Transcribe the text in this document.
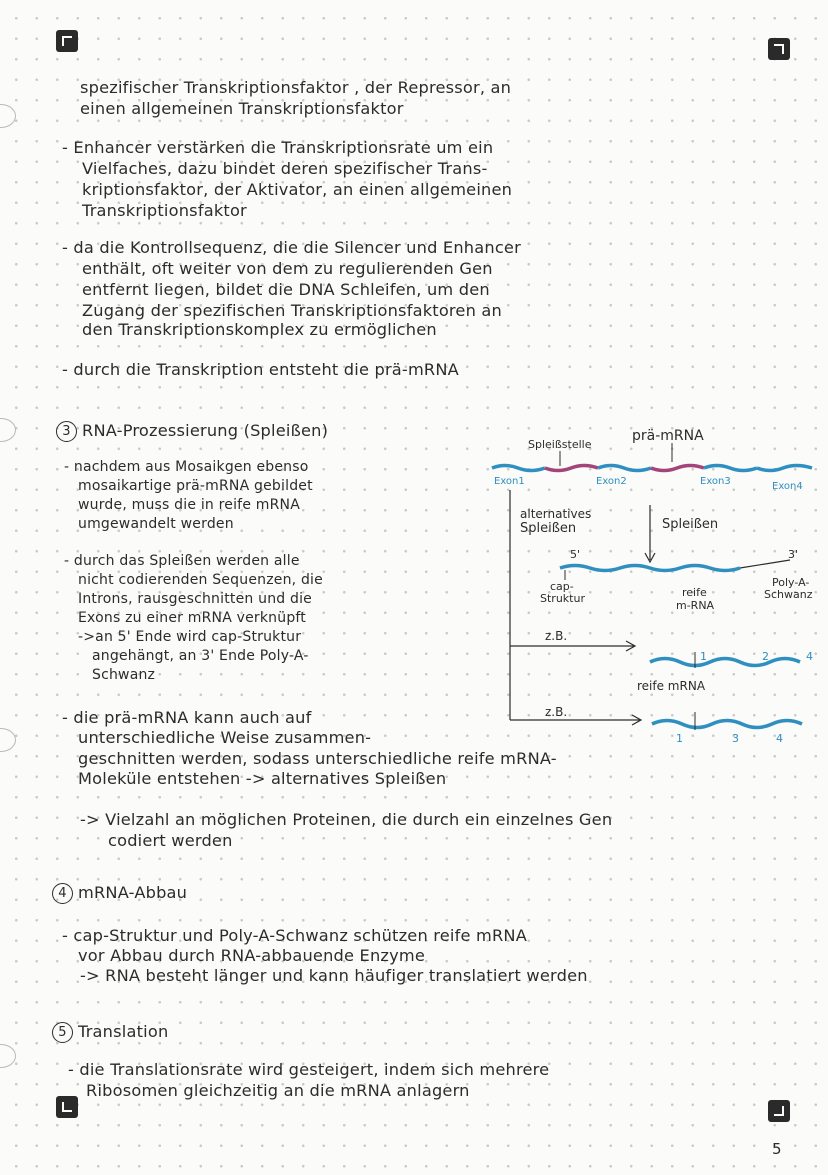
spezifischer Transkriptionsfaktor , der Repressor, an
einen allgemeinen Transkriptionsfaktor
- Enhancer verstärken die Transkriptionsrate um ein
Vielfaches, dazu bindet deren spezifischer Trans-
kriptionsfaktor, der Aktivator, an einen allgemeinen
Transkriptionsfaktor
- da die Kontrollsequenz, die die Silencer und Enhancer
enthält, oft weiter von dem zu regulierenden Gen
entfernt liegen, bildet die DNA Schleifen, um den
Zugang der spezifischen Transkriptionsfaktoren an
den Transkriptionskomplex zu ermöglichen
- durch die Transkription entsteht die prä-mRNA
3 RNA-Prozessierung (Spleißen)
- nachdem aus Mosaikgen ebenso
mosaikartige prä-mRNA gebildet
wurde, muss die in reife mRNA
umgewandelt werden
- durch das Spleißen werden alle
nicht codierenden Sequenzen, die
Introns, rausgeschnitten und die
Exons zu einer mRNA verknüpft
->an 5' Ende wird cap-Struktur
angehängt, an 3' Ende Poly-A-
Schwanz
- die prä-mRNA kann auch auf
unterschiedliche Weise zusammen-
geschnitten werden, sodass unterschiedliche reife mRNA-
Moleküle entstehen -> alternatives Spleißen
-> Vielzahl an möglichen Proteinen, die durch ein einzelnes Gen
codiert werden
4 mRNA-Abbau
- cap-Struktur und Poly-A-Schwanz schützen reife mRNA
vor Abbau durch RNA-abbauende Enzyme
-> RNA besteht länger und kann häufiger translatiert werden
5 Translation
- die Translationsrate wird gesteigert, indem sich mehrere
Ribosomen gleichzeitig an die mRNA anlagern
5
prä-mRNA
Spleißstelle
Exon1	Exon2	Exon3	Exon4
alternatives
Spleißen	Spleißen
5'	3'
cap-
Struktur	reife
m-RNA
Poly-A-
Schwanz
z.B.
1	2	4
reife mRNA
z.B.
1	3	4
